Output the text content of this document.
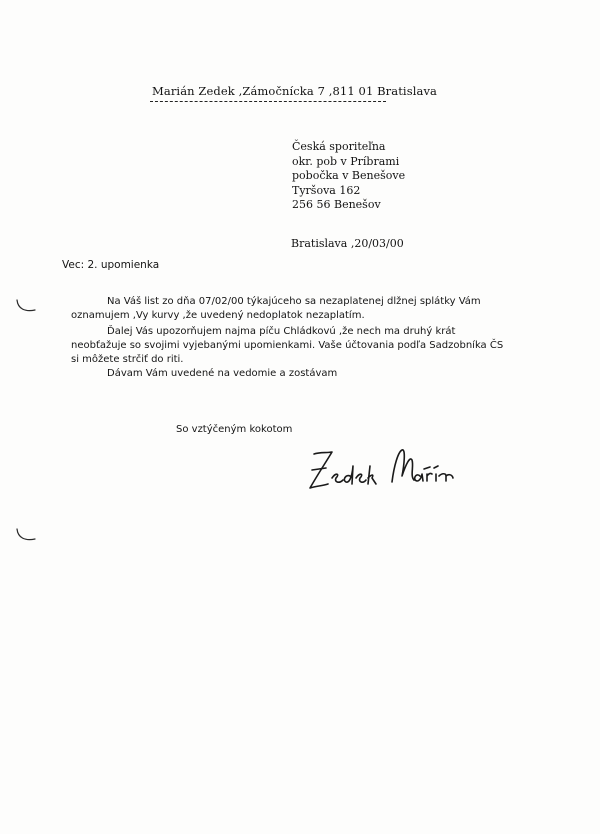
Marián Zedek ,Zámočnícka 7 ,811 01 Bratislava
Česká sporiteľna
okr. pob v Príbrami
pobočka v Benešove
Tyršova 162
256 56 Benešov
Bratislava ,20/03/00
Vec: 2. upomienka
Na Váš list zo dňa 07/02/00 týkajúceho sa nezaplatenej dlžnej splátky Vám
oznamujem ,Vy kurvy ,že uvedený nedoplatok nezaplatím.
Ďalej Vás upozorňujem najma píču Chládkovú ,že nech ma druhý krát
neobťažuje so svojimi vyjebanými upomienkami. Vaše účtovania podľa Sadzobníka ČS
si môžete strčiť do riti.
Dávam Vám uvedené na vedomie a zostávam
So vztýčeným kokotom
